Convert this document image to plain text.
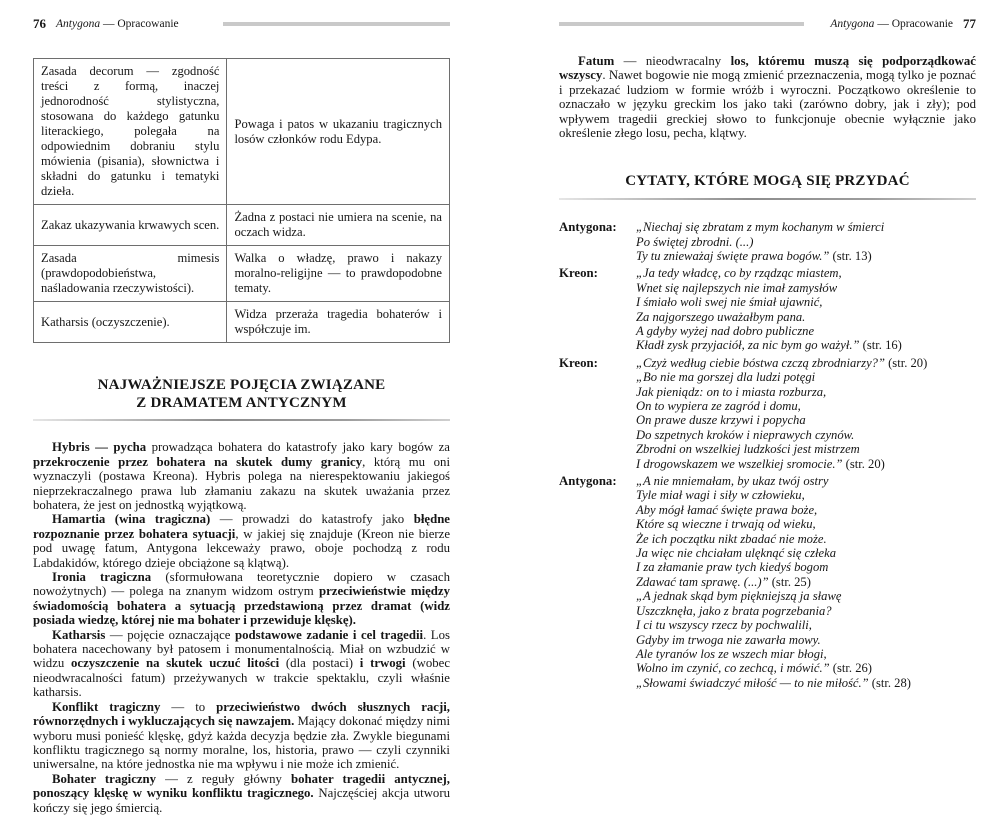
76 Antygona — Opracowanie
Zasada decorum — zgodność treści z formą, inaczej jednorodność stylistyczna, stosowana do każdego gatunku literackiego, polegała na odpowiednim dobraniu stylu mówienia (pisania), słownictwa i składni do gatunku i tematyki dzieła.	Powaga i patos w ukazaniu tragicznych losów członków rodu Edypa.
Zakaz ukazywania krwawych scen.	Żadna z postaci nie umiera na scenie, na oczach widza.
Zasada mimesis (prawdopodobieństwa, naśladowania rzeczywistości).	Walka o władzę, prawo i nakazy moralno-religijne — to prawdopodobne tematy.
Katharsis (oczyszczenie).	Widza przeraża tragedia bohaterów i współczuje im.
NAJWAŻNIEJSZE POJĘCIA ZWIĄZANE
Z DRAMATEM ANTYCZNYM

Hybris — pycha prowadząca bohatera do katastrofy jako kary bogów za przekroczenie przez bohatera na skutek dumy granicy, którą mu oni wyznaczyli (postawa Kreona). Hybris polega na nierespektowaniu jakiegoś nieprzekraczalnego prawa lub złamaniu zakazu na skutek uważania przez bohatera, że jest on jednostką wyjątkową.

Hamartia (wina tragiczna) — prowadzi do katastrofy jako błędne rozpoznanie przez bohatera sytuacji, w jakiej się znajduje (Kreon nie bierze pod uwagę fatum, Antygona lekceważy prawo, oboje pochodzą z rodu Labdakidów, którego dzieje obciążone są klątwą).

Ironia tragiczna (sformułowana teoretycznie dopiero w czasach nowożytnych) — polega na znanym widzom ostrym przeciwieństwie między świadomością bohatera a sytuacją przedstawioną przez dramat (widz posiada wiedzę, której nie ma bohater i przewiduje klęskę).

Katharsis — pojęcie oznaczające podstawowe zadanie i cel tragedii. Los bohatera nacechowany był patosem i monumentalnością. Miał on wzbudzić w widzu oczyszczenie na skutek uczuć litości (dla postaci) i trwogi (wobec nieodwracalności fatum) przeżywanych w trakcie spektaklu, czyli właśnie katharsis.

Konflikt tragiczny — to przeciwieństwo dwóch słusznych racji, równorzędnych i wykluczających się nawzajem. Mający dokonać między nimi wyboru musi ponieść klęskę, gdyż każda decyzja będzie zła. Zwykle biegunami konfliktu tragicznego są normy moralne, los, historia, prawo — czyli czynniki uniwersalne, na które jednostka nie ma wpływu i nie może ich zmienić.

Bohater tragiczny — z reguły główny bohater tragedii antycznej, ponoszący klęskę w wyniku konfliktu tragicznego. Najczęściej akcja utworu kończy się jego śmiercią.

Antygona — Opracowanie 77

Fatum — nieodwracalny los, któremu muszą się podporządkować wszyscy. Nawet bogowie nie mogą zmienić przeznaczenia, mogą tylko je poznać i przekazać ludziom w formie wróżb i wyroczni. Początkowo określenie to oznaczało w języku greckim los jako taki (zarówno dobry, jak i zły); pod wpływem tragedii greckiej słowo to funkcjonuje obecnie wyłącznie jako określenie złego losu, pecha, klątwy.

CYTATY, KTÓRE MOGĄ SIĘ PRZYDAĆ
Antygona:	„Niechaj się zbratam z mym kochanym w śmierci
Po świętej zbrodni. (...)
Ty tu znieważaj święte prawa bogów.” (str. 13)
Kreon:	„Ja tedy władcę, co by rządząc miastem,
Wnet się najlepszych nie imał zamysłów
I śmiało woli swej nie śmiał ujawnić,
Za najgorszego uważałbym pana.
A gdyby wyżej nad dobro publiczne
Kładł zysk przyjaciół, za nic bym go ważył.” (str. 16)
Kreon:	„Czyż według ciebie bóstwa czczą zbrodniarzy?” (str. 20)
„Bo nie ma gorszej dla ludzi potęgi
Jak pieniądz: on to i miasta rozburza,
On to wypiera ze zagród i domu,
On prawe dusze krzywi i popycha
Do szpetnych kroków i nieprawych czynów.
Zbrodni on wszelkiej ludzkości jest mistrzem
I drogowskazem we wszelkiej sromocie.” (str. 20)
Antygona:	„A nie mniemałam, by ukaz twój ostry
Tyle miał wagi i siły w człowieku,
Aby mógł łamać święte prawa boże,
Które są wieczne i trwają od wieku,
Że ich początku nikt zbadać nie może.
Ja więc nie chciałam ulęknąć się człeka
I za złamanie praw tych kiedyś bogom
Zdawać tam sprawę. (...)” (str. 25)
„A jednak skąd bym piękniejszą ja sławę
Uszczknęła, jako z brata pogrzebania?
I ci tu wszyscy rzecz by pochwalili,
Gdyby im trwoga nie zawarła mowy.
Ale tyranów los ze wszech miar błogi,
Wolno im czynić, co zechcą, i mówić.” (str. 26)
„Słowami świadczyć miłość — to nie miłość.” (str. 28)
